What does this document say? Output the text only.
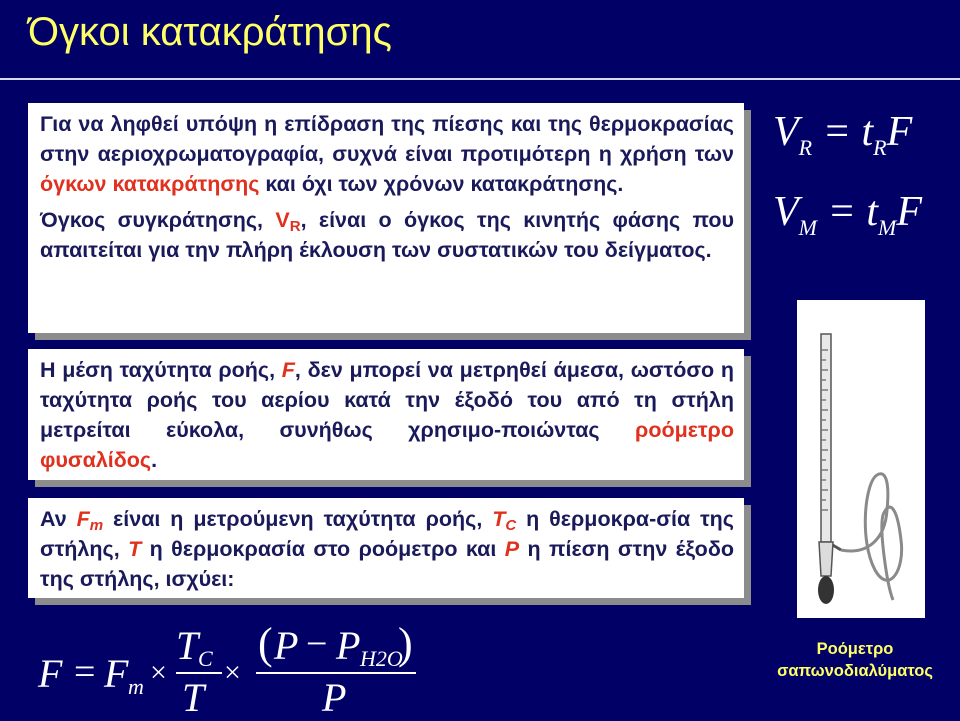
Όγκοι κατακράτησης

Για να ληφθεί υπόψη η επίδραση της πίεσης και της θερμοκρασίας στην αεριοχρωματογραφία, συχνά είναι προτιμότερη η χρήση των όγκων κατακράτησης και όχι των χρόνων κατακράτησης.

Όγκος συγκράτησης, $V_R$, είναι ο όγκος της κινητής φάσης που απαιτείται για την πλήρη έκλουση των συστατικών του δείγματος.

Η μέση ταχύτητα ροής, F, δεν μπορεί να μετρηθεί άμεσα, ωστόσο η ταχύτητα ροής του αερίου κατά την έξοδό του από τη στήλη μετρείται εύκολα, συνήθως χρησιμο-ποιώντας ροόμετρο φυσαλίδος.

Αν $F_m$ είναι η μετρούμενη ταχύτητα ροής, $T_C$ η θερμοκρα-σία της στήλης, T η θερμοκρασία στο ροόμετρο και P η πίεση στην έξοδο της στήλης, ισχύει:

$V_R = t_RF$
$V_M = t_MF$
Ροόμετρο
σαπωνοδιαλύματος
F = F m ×
T C
T
×
( P − P H2O
)
P
